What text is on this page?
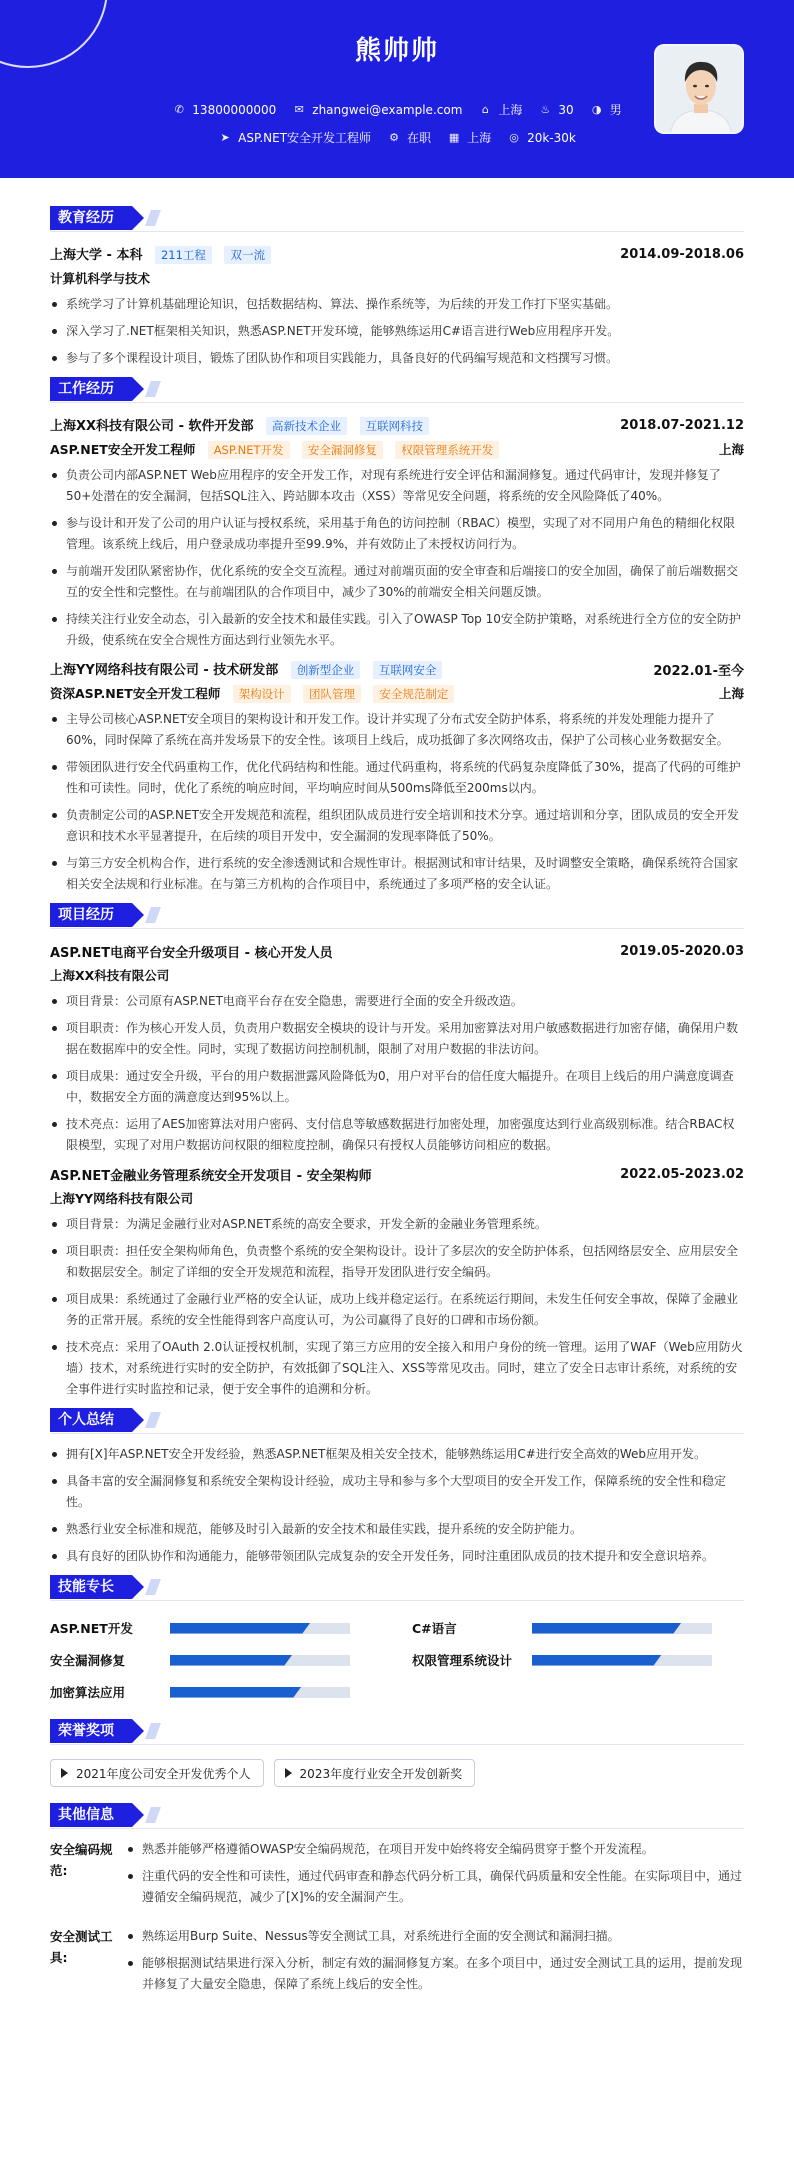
熊帅帅
✆ 13800000000 ✉ zhangwei@example.com	⌂ 上海 ♨ 30 ◑ 男
➤ ASP.NET安全开发工程师 ⚙ 在职 ▦ 上海 ◎ 20k-30k
教育经历
上海大学 - 本科 211工程 双一流	2014.09-2018.06
计算机科学与技术
系统学习了计算机基础理论知识，包括数据结构、算法、操作系统等，为后续的开发工作打下坚实基础。
深入学习了.NET框架相关知识，熟悉ASP.NET开发环境，能够熟练运用C#语言进行Web应用程序开发。
参与了多个课程设计项目，锻炼了团队协作和项目实践能力，具备良好的代码编写规范和文档撰写习惯。
工作经历
上海XX科技有限公司 - 软件开发部 高新技术企业 互联网科技	2018.07-2021.12
ASP.NET安全开发工程师 ASP.NET开发 安全漏洞修复 权限管理系统开发	上海
负责公司内部ASP.NET Web应用程序的安全开发工作，对现有系统进行安全评估和漏洞修复。通过代码审计，发现并修复了50+处潜在的安全漏洞，包括SQL注入、跨站脚本攻击（XSS）等常见安全问题，将系统的安全风险降低了40%。
参与设计和开发了公司的用户认证与授权系统，采用基于角色的访问控制（RBAC）模型，实现了对不同用户角色的精细化权限管理。该系统上线后，用户登录成功率提升至99.9%，并有效防止了未授权访问行为。
与前端开发团队紧密协作，优化系统的安全交互流程。通过对前端页面的安全审查和后端接口的安全加固，确保了前后端数据交互的安全性和完整性。在与前端团队的合作项目中，减少了30%的前端安全相关问题反馈。
持续关注行业安全动态，引入最新的安全技术和最佳实践。引入了OWASP Top 10安全防护策略，对系统进行全方位的安全防护升级，使系统在安全合规性方面达到行业领先水平。
上海YY网络科技有限公司 - 技术研发部 创新型企业 互联网安全	2022.01-至今
资深ASP.NET安全开发工程师 架构设计 团队管理 安全规范制定	上海
主导公司核心ASP.NET安全项目的架构设计和开发工作。设计并实现了分布式安全防护体系，将系统的并发处理能力提升了60%，同时保障了系统在高并发场景下的安全性。该项目上线后，成功抵御了多次网络攻击，保护了公司核心业务数据安全。
带领团队进行安全代码重构工作，优化代码结构和性能。通过代码重构，将系统的代码复杂度降低了30%，提高了代码的可维护性和可读性。同时，优化了系统的响应时间，平均响应时间从500ms降低至200ms以内。
负责制定公司的ASP.NET安全开发规范和流程，组织团队成员进行安全培训和技术分享。通过培训和分享，团队成员的安全开发意识和技术水平显著提升，在后续的项目开发中，安全漏洞的发现率降低了50%。
与第三方安全机构合作，进行系统的安全渗透测试和合规性审计。根据测试和审计结果，及时调整安全策略，确保系统符合国家相关安全法规和行业标准。在与第三方机构的合作项目中，系统通过了多项严格的安全认证。
项目经历
ASP.NET电商平台安全升级项目 - 核心开发人员	2019.05-2020.03
上海XX科技有限公司
项目背景：公司原有ASP.NET电商平台存在安全隐患，需要进行全面的安全升级改造。
项目职责：作为核心开发人员，负责用户数据安全模块的设计与开发。采用加密算法对用户敏感数据进行加密存储，确保用户数据在数据库中的安全性。同时，实现了数据访问控制机制，限制了对用户数据的非法访问。
项目成果：通过安全升级，平台的用户数据泄露风险降低为0，用户对平台的信任度大幅提升。在项目上线后的用户满意度调查中，数据安全方面的满意度达到95%以上。
技术亮点：运用了AES加密算法对用户密码、支付信息等敏感数据进行加密处理，加密强度达到行业高级别标准。结合RBAC权限模型，实现了对用户数据访问权限的细粒度控制，确保只有授权人员能够访问相应的数据。
ASP.NET金融业务管理系统安全开发项目 - 安全架构师	2022.05-2023.02
上海YY网络科技有限公司
项目背景：为满足金融行业对ASP.NET系统的高安全要求，开发全新的金融业务管理系统。
项目职责：担任安全架构师角色，负责整个系统的安全架构设计。设计了多层次的安全防护体系，包括网络层安全、应用层安全和数据层安全。制定了详细的安全开发规范和流程，指导开发团队进行安全编码。
项目成果：系统通过了金融行业严格的安全认证，成功上线并稳定运行。在系统运行期间，未发生任何安全事故，保障了金融业务的正常开展。系统的安全性能得到客户高度认可，为公司赢得了良好的口碑和市场份额。
技术亮点：采用了OAuth 2.0认证授权机制，实现了第三方应用的安全接入和用户身份的统一管理。运用了WAF（Web应用防火墙）技术，对系统进行实时的安全防护，有效抵御了SQL注入、XSS等常见攻击。同时，建立了安全日志审计系统，对系统的安全事件进行实时监控和记录，便于安全事件的追溯和分析。
个人总结
拥有[X]年ASP.NET安全开发经验，熟悉ASP.NET框架及相关安全技术，能够熟练运用C#进行安全高效的Web应用开发。
具备丰富的安全漏洞修复和系统安全架构设计经验，成功主导和参与多个大型项目的安全开发工作，保障系统的安全性和稳定性。
熟悉行业安全标准和规范，能够及时引入最新的安全技术和最佳实践，提升系统的安全防护能力。
具有良好的团队协作和沟通能力，能够带领团队完成复杂的安全开发任务，同时注重团队成员的技术提升和安全意识培养。
技能专长
ASP.NET开发	C#语言
安全漏洞修复	权限管理系统设计
加密算法应用
荣誉奖项
2021年度公司安全开发优秀个人	2023年度行业安全开发创新奖
其他信息
安全编码规范:
熟悉并能够严格遵循OWASP安全编码规范，在项目开发中始终将安全编码贯穿于整个开发流程。
注重代码的安全性和可读性，通过代码审查和静态代码分析工具，确保代码质量和安全性能。在实际项目中，通过遵循安全编码规范，减少了[X]%的安全漏洞产生。
安全测试工具:
熟练运用Burp Suite、Nessus等安全测试工具，对系统进行全面的安全测试和漏洞扫描。
能够根据测试结果进行深入分析，制定有效的漏洞修复方案。在多个项目中，通过安全测试工具的运用，提前发现并修复了大量安全隐患，保障了系统上线后的安全性。
